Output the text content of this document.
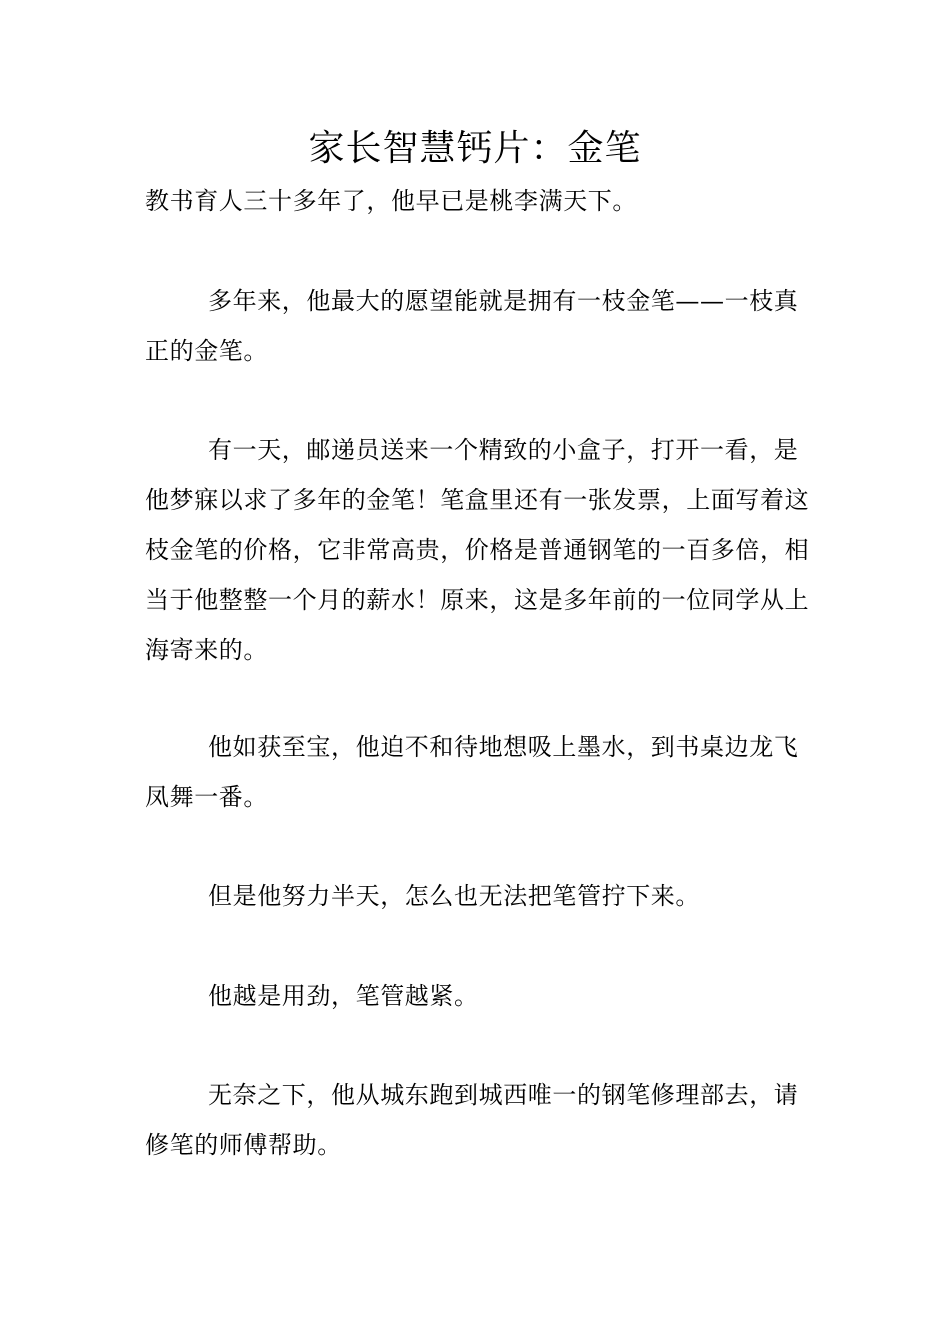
家长智慧钙片：金笔

教书育人三十多年了，他早已是桃李满天下。

多年来，他最大的愿望能就是拥有一枝金笔——一枝真正的金笔。

有一天，邮递员送来一个精致的小盒子，打开一看，是他梦寐以求了多年的金笔！笔盒里还有一张发票，上面写着这枝金笔的价格，它非常高贵，价格是普通钢笔的一百多倍，相当于他整整一个月的薪水！原来，这是多年前的一位同学从上海寄来的。

他如获至宝，他迫不和待地想吸上墨水，到书桌边龙飞凤舞一番。

但是他努力半天，怎么也无法把笔管拧下来。

他越是用劲，笔管越紧。

无奈之下，他从城东跑到城西唯一的钢笔修理部去，请修笔的师傅帮助。
